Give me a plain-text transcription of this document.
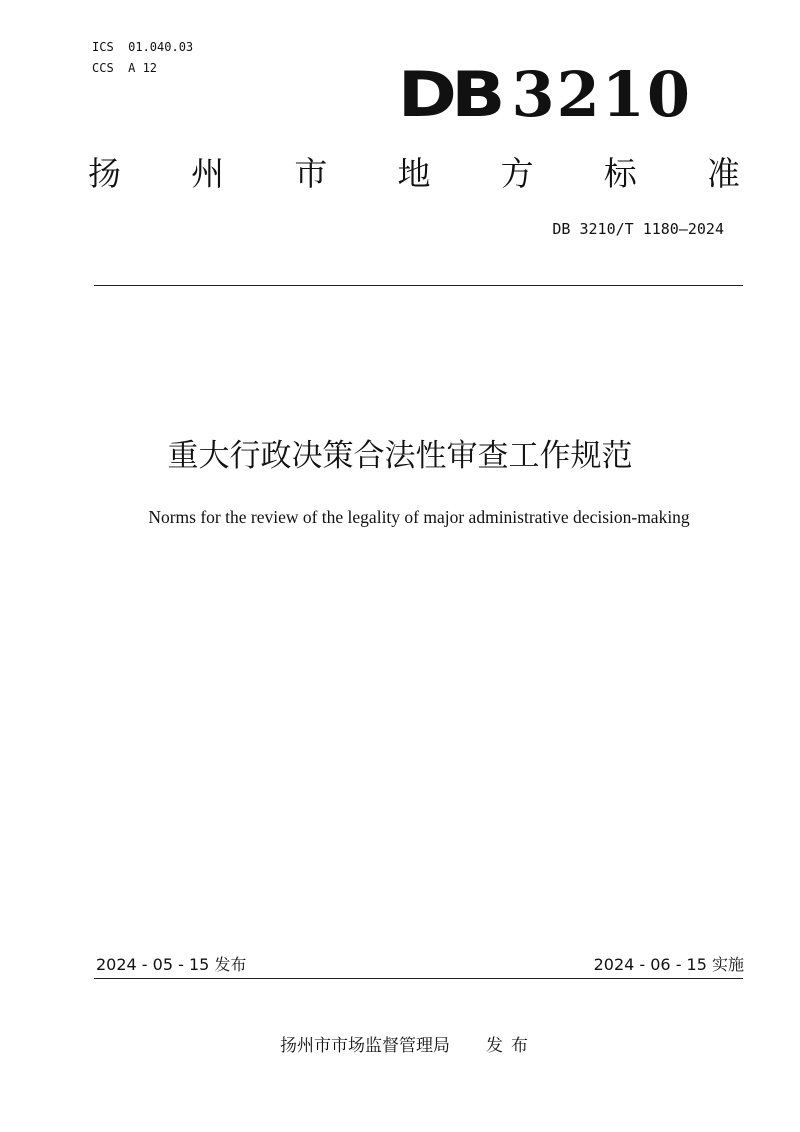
ICS  01.040.03
CCS  A 12	DB 3210
扬 州 市 地 方 标 准
DB 3210/T 1180—2024
重大行政决策合法性审查工作规范
Norms for the review of the legality of major administrative decision-making
2024 - 05 - 15 发布	2024 - 06 - 15 实施
扬州市市场监督管理局 发布
